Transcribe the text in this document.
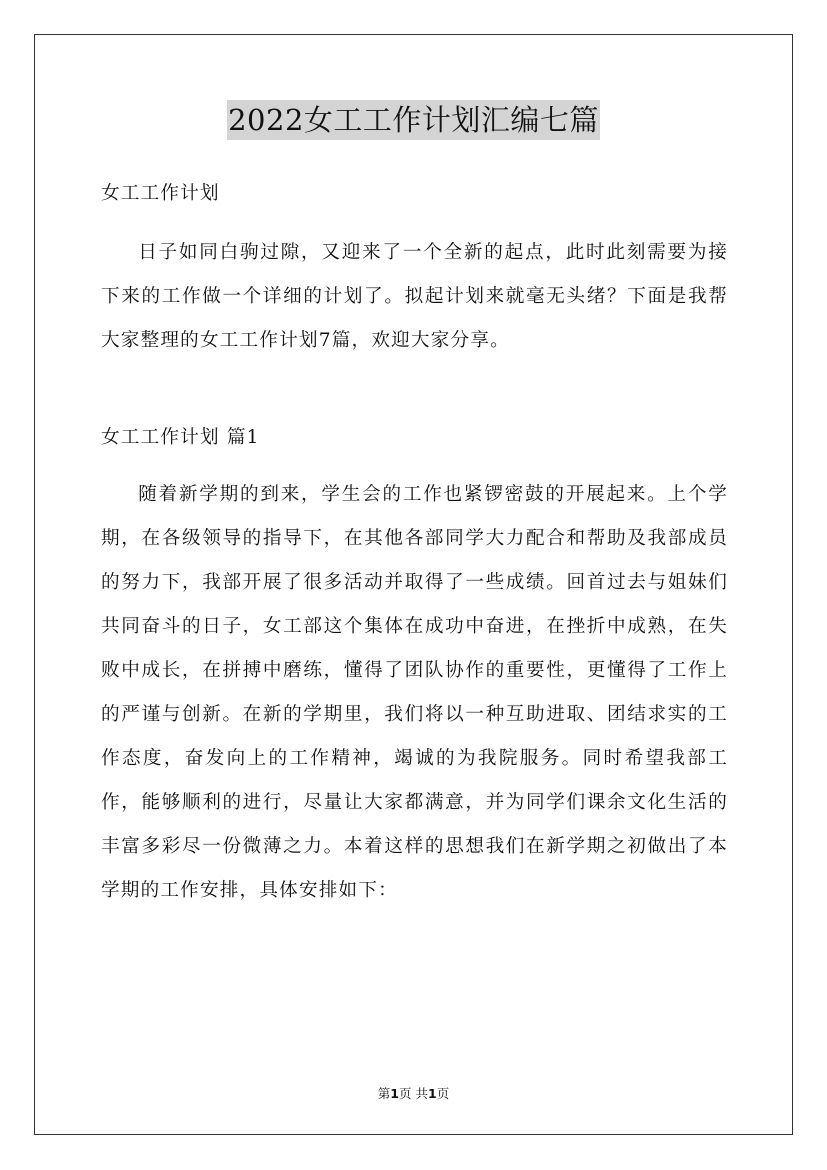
2022女工工作计划汇编七篇

女工工作计划

日子如同白驹过隙，又迎来了一个全新的起点，此时此刻需要为接下来的工作做一个详细的计划了。拟起计划来就毫无头绪？下面是我帮大家整理的女工工作计划7篇，欢迎大家分享。

女工工作计划 篇1

随着新学期的到来，学生会的工作也紧锣密鼓的开展起来。上个学期，在各级领导的指导下，在其他各部同学大力配合和帮助及我部成员的努力下，我部开展了很多活动并取得了一些成绩。回首过去与姐妹们共同奋斗的日子，女工部这个集体在成功中奋进，在挫折中成熟，在失败中成长，在拼搏中磨练，懂得了团队协作的重要性，更懂得了工作上的严谨与创新。在新的学期里，我们将以一种互助进取、团结求实的工作态度，奋发向上的工作精神，竭诚的为我院服务。同时希望我部工作，能够顺利的进行，尽量让大家都满意，并为同学们课余文化生活的丰富多彩尽一份微薄之力。本着这样的思想我们在新学期之初做出了本学期的工作安排，具体安排如下：

第1页 共1页
